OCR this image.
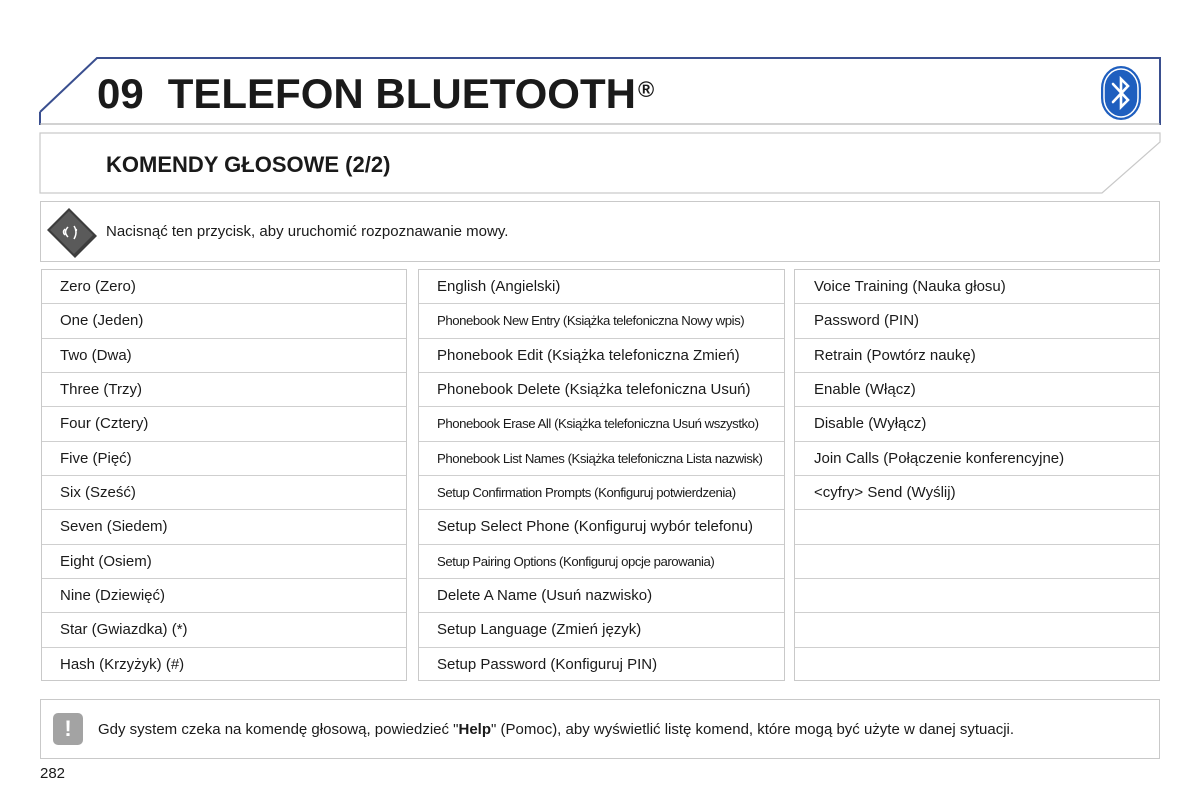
09 TELEFON BLUETOOTH®
KOMENDY GŁOSOWE (2/2)
Nacisnąć ten przycisk, aby uruchomić rozpoznawanie mowy.
Zero (Zero)
One (Jeden)
Two (Dwa)
Three (Trzy)
Four (Cztery)
Five (Pięć)
Six (Sześć)
Seven (Siedem)
Eight (Osiem)
Nine (Dziewięć)
Star (Gwiazdka) (*)
Hash (Krzyżyk) (#)
English (Angielski)
Phonebook New Entry (Książka telefoniczna Nowy wpis)
Phonebook Edit (Książka telefoniczna Zmień)
Phonebook Delete (Książka telefoniczna Usuń)
Phonebook Erase All (Książka telefoniczna Usuń wszystko)
Phonebook List Names (Książka telefoniczna Lista nazwisk)
Setup Confirmation Prompts (Konfiguruj potwierdzenia)
Setup Select Phone (Konfiguruj wybór telefonu)
Setup Pairing Options (Konfiguruj opcje parowania)
Delete A Name (Usuń nazwisko)
Setup Language (Zmień język)
Setup Password (Konfiguruj PIN)
Voice Training (Nauka głosu)
Password (PIN)
Retrain (Powtórz naukę)
Enable (Włącz)
Disable (Wyłącz)
Join Calls (Połączenie konferencyjne)
<cyfry> Send (Wyślij)
!	Gdy system czeka na komendę głosową, powiedzieć "Help" (Pomoc), aby wyświetlić listę komend, które mogą być użyte w danej sytuacji.
282
